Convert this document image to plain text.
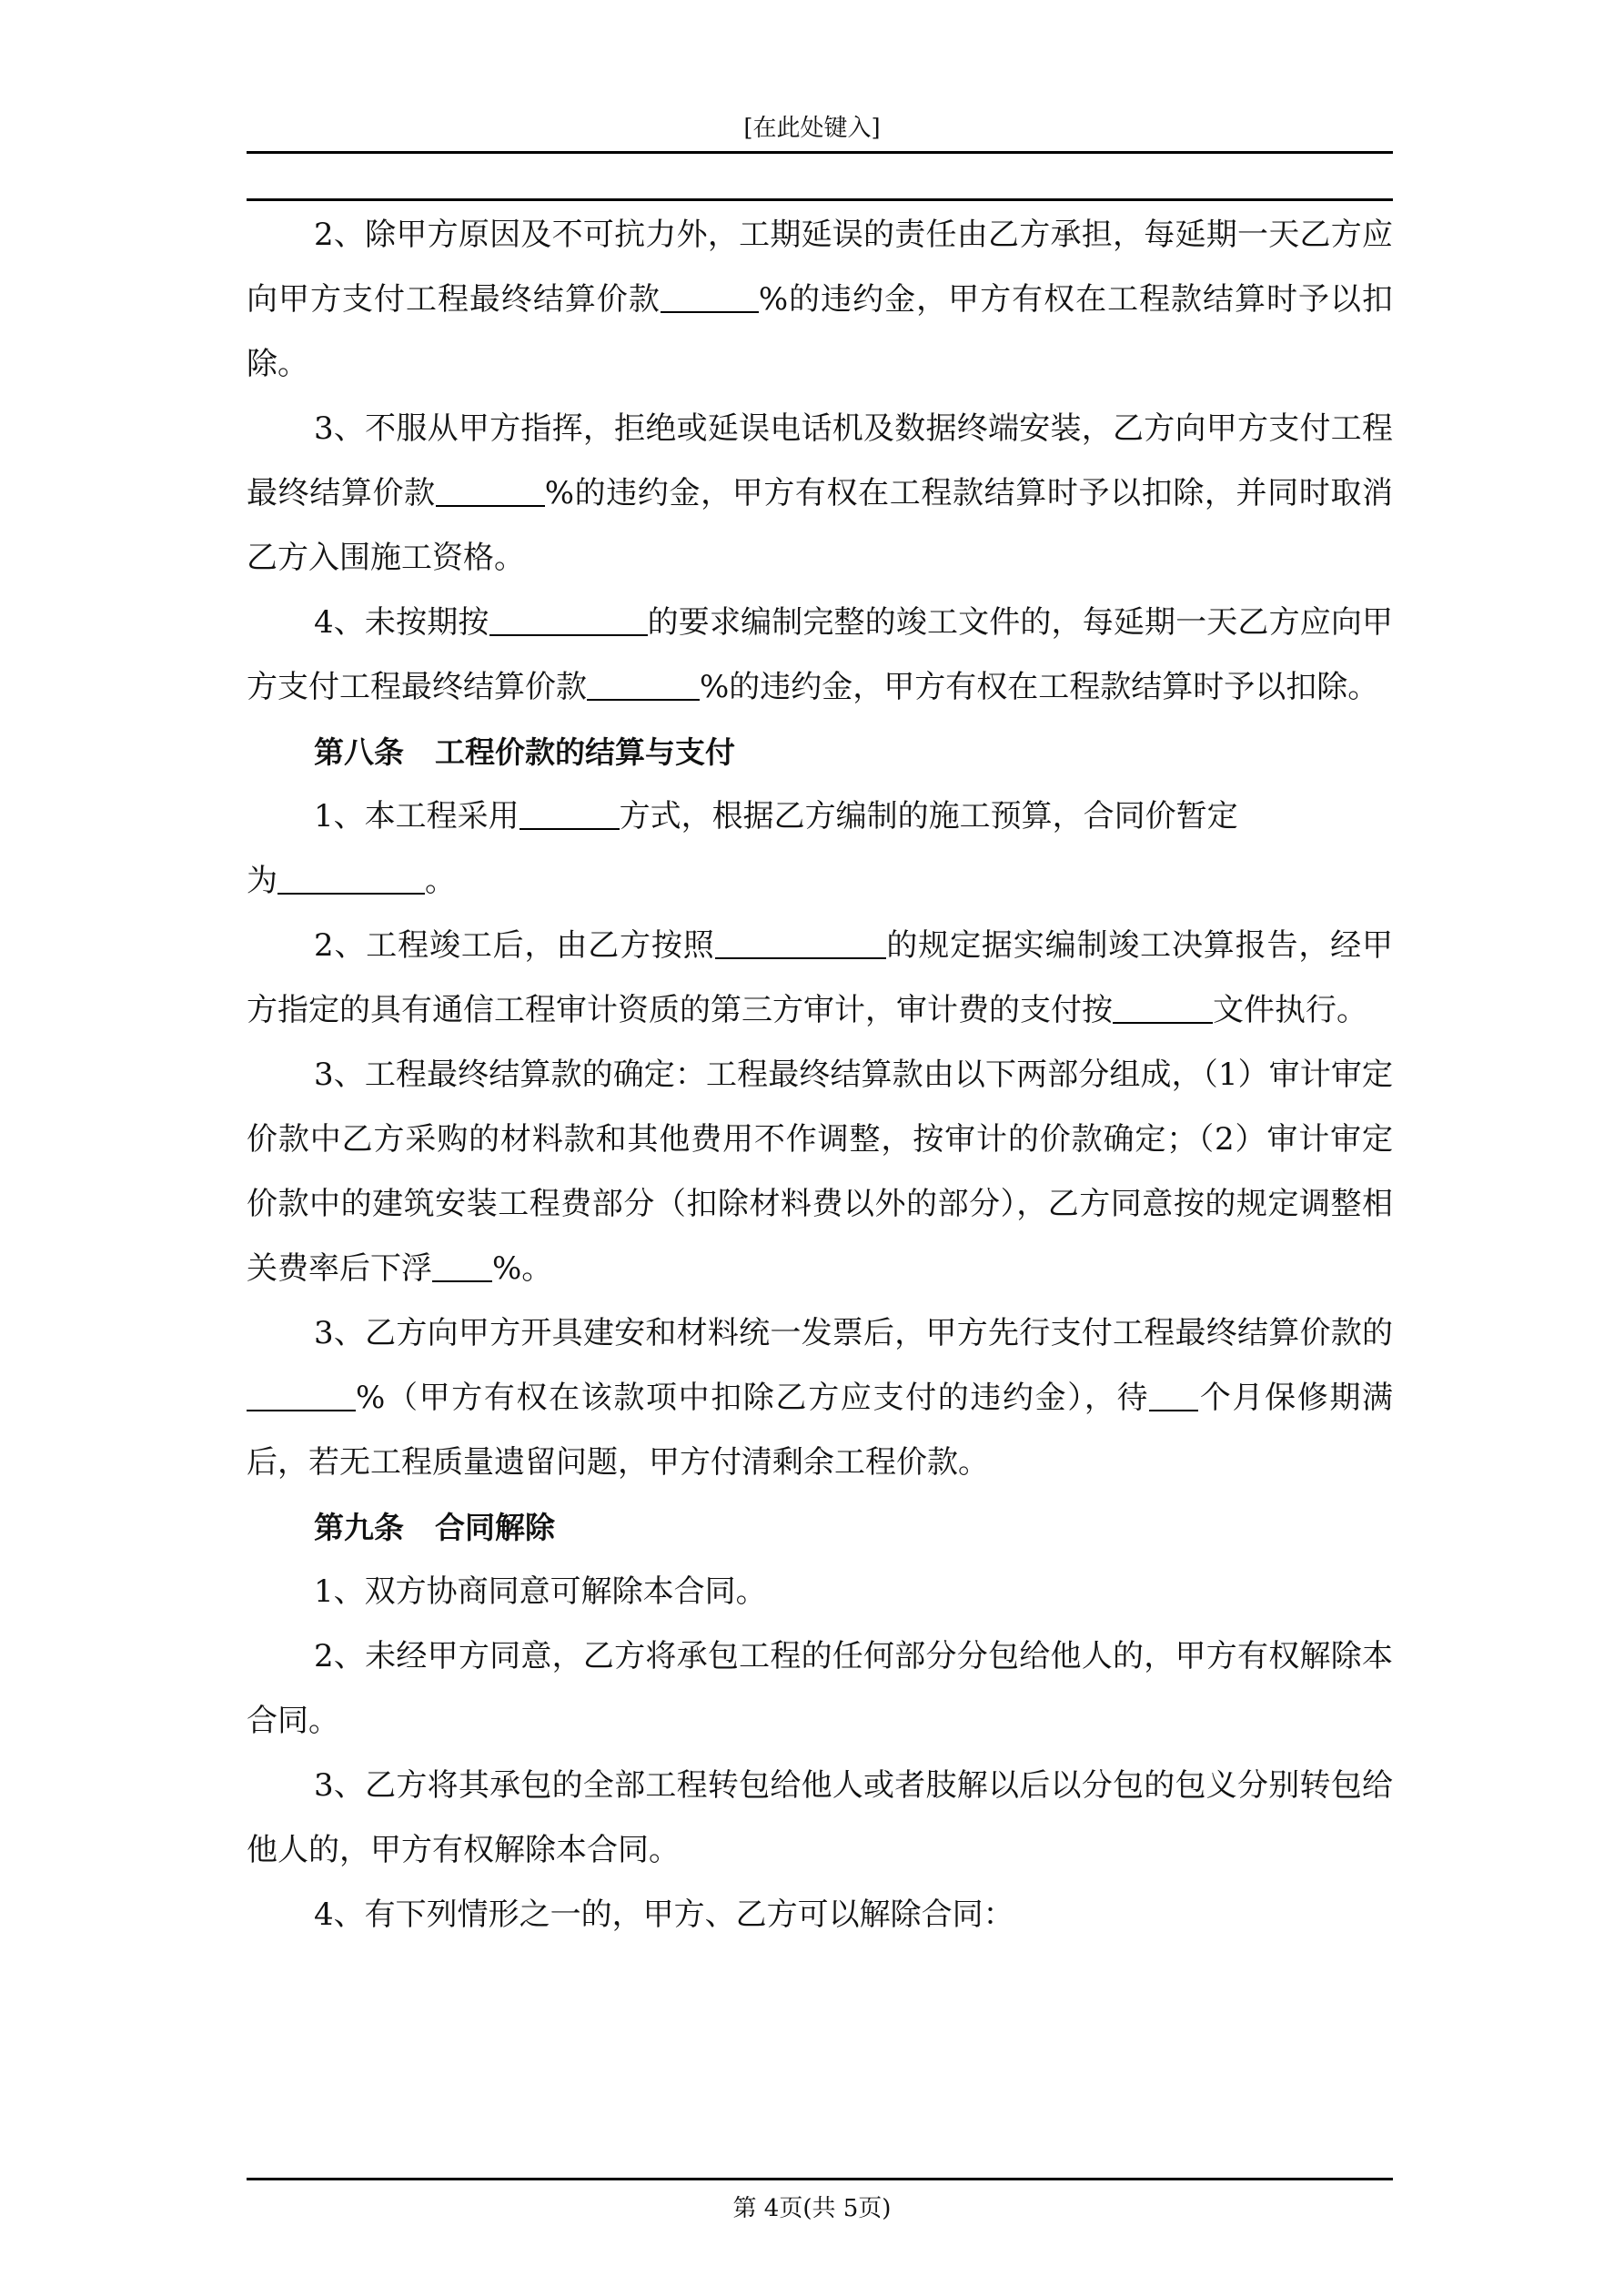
[在此处键入]

2、除甲方原因及不可抗力外，工期延误的责任由乙方承担，每延期一天乙方应向甲方支付工程最终结算价款	%的违约金，甲方有权在工程款结算时予以扣除。

3、不服从甲方指挥，拒绝或延误电话机及数据终端安装，乙方向甲方支付工程最终结算价款	%的违约金，甲方有权在工程款结算时予以扣除，并同时取消乙方入围施工资格。

4、未按期按	的要求编制完整的竣工文件的，每延期一天乙方应向甲方支付工程最终结算价款	%的违约金，甲方有权在工程款结算时予以扣除。

第八条 工程价款的结算与支付

1、本工程采用	方式，根据乙方编制的施工预算，合同价暂定
为	。

2、工程竣工后，由乙方按照	的规定据实编制竣工决算报告，经甲方指定的具有通信工程审计资质的第三方审计，审计费的支付按	文件执行。

3、工程最终结算款的确定：工程最终结算款由以下两部分组成，（1）审计审定价款中乙方采购的材料款和其他费用不作调整，按审计的价款确定；（2）审计审定价款中的建筑安装工程费部分（扣除材料费以外的部分），乙方同意按的规定调整相关费率后下浮 %。

3、乙方向甲方开具建安和材料统一发票后，甲方先行支付工程最终结算价款的%（甲方有权在该款项中扣除乙方应支付的违约金），待 个月保修期满后，若无工程质量遗留问题，甲方付清剩余工程价款。

第九条 合同解除

1、双方协商同意可解除本合同。

2、未经甲方同意，乙方将承包工程的任何部分分包给他人的，甲方有权解除本合同。

3、乙方将其承包的全部工程转包给他人或者肢解以后以分包的包义分别转包给他人的，甲方有权解除本合同。

4、有下列情形之一的，甲方、乙方可以解除合同：

第 4页(共 5页)
